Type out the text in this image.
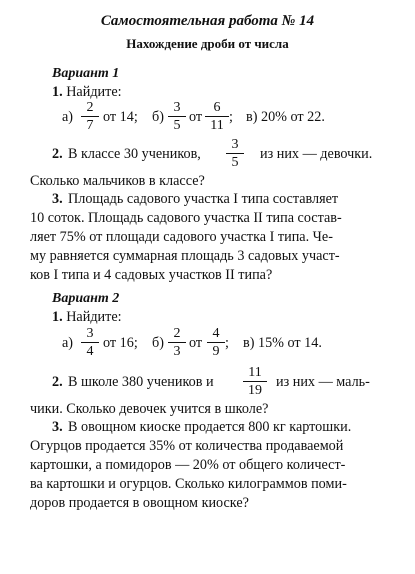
Самостоятельная работа № 14
Нахождение дроби от числа
Вариант 1
1. Найдите:
$а) \frac{2}{7}$ от 14; $б) \frac{3}{5}$ от $\frac{6}{11}$ ; в) 20% от 22.
2. В классе 30 учеников, $\frac{3}{5}$ из них — девочки.
Сколько мальчиков в классе?
3. Площадь садового участка I типа составляет
10 соток. Площадь садового участка II типа состав-
ляет 75% от площади садового участка I типа. Че-
му равняется суммарная площадь 3 садовых участ-
ков I типа и 4 садовых участков II типа?
Вариант 2
1. Найдите:
$а) \frac{3}{4}$ от 16; $б) \frac{2}{3}$ от $\frac{4}{9}$ ; в) 15% от 14.
2. В школе 380 учеников и $\frac{11}{19}$ из них — маль-
чики. Сколько девочек учится в школе?
3. В овощном киоске продается 800 кг картошки.
Огурцов продается 35% от количества продаваемой
картошки, а помидоров — 20% от общего количест-
ва картошки и огурцов. Сколько килограммов поми-
доров продается в овощном киоске?
